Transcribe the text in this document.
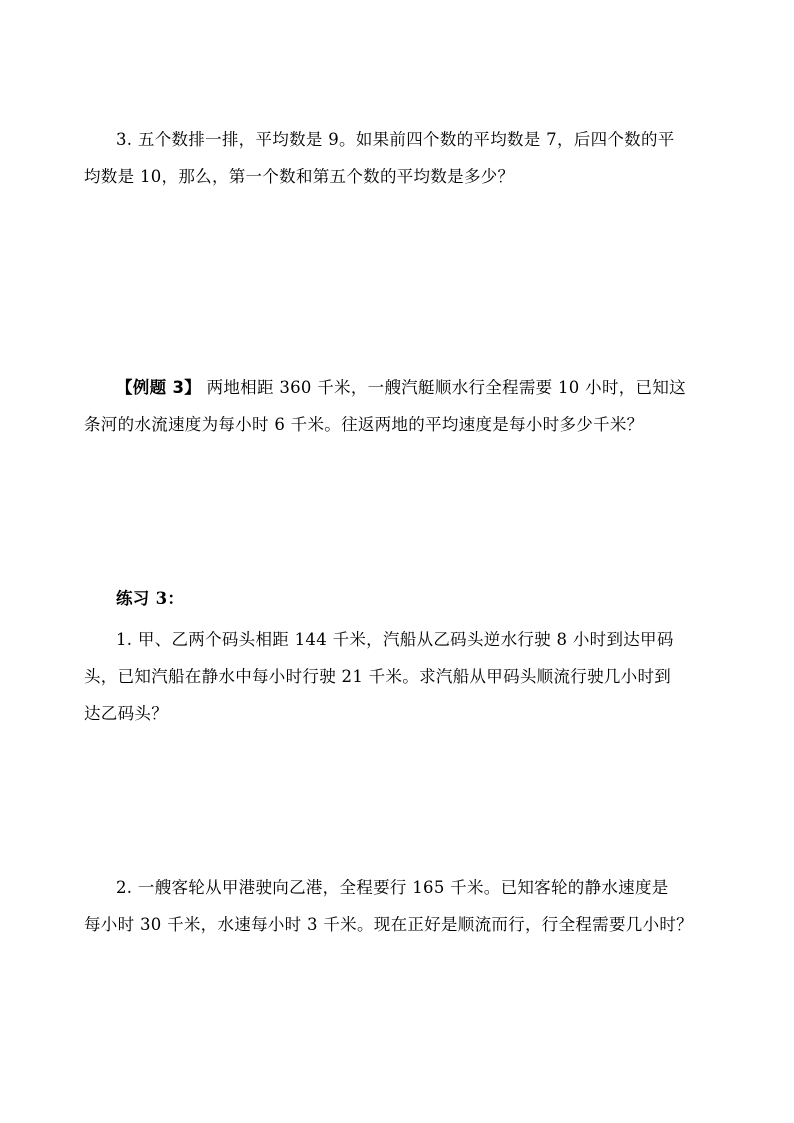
3. 五个数排一排，平均数是 9。如果前四个数的平均数是 7，后四个数的平
均数是 10，那么，第一个数和第五个数的平均数是多少？
【例题 3】 两地相距 360 千米，一艘汽艇顺水行全程需要 10 小时，已知这
条河的水流速度为每小时 6 千米。往返两地的平均速度是每小时多少千米？
练习 3：
1. 甲、乙两个码头相距 144 千米，汽船从乙码头逆水行驶 8 小时到达甲码
头，已知汽船在静水中每小时行驶 21 千米。求汽船从甲码头顺流行驶几小时到
达乙码头？
2. 一艘客轮从甲港驶向乙港，全程要行 165 千米。已知客轮的静水速度是
每小时 30 千米，水速每小时 3 千米。现在正好是顺流而行，行全程需要几小时？
